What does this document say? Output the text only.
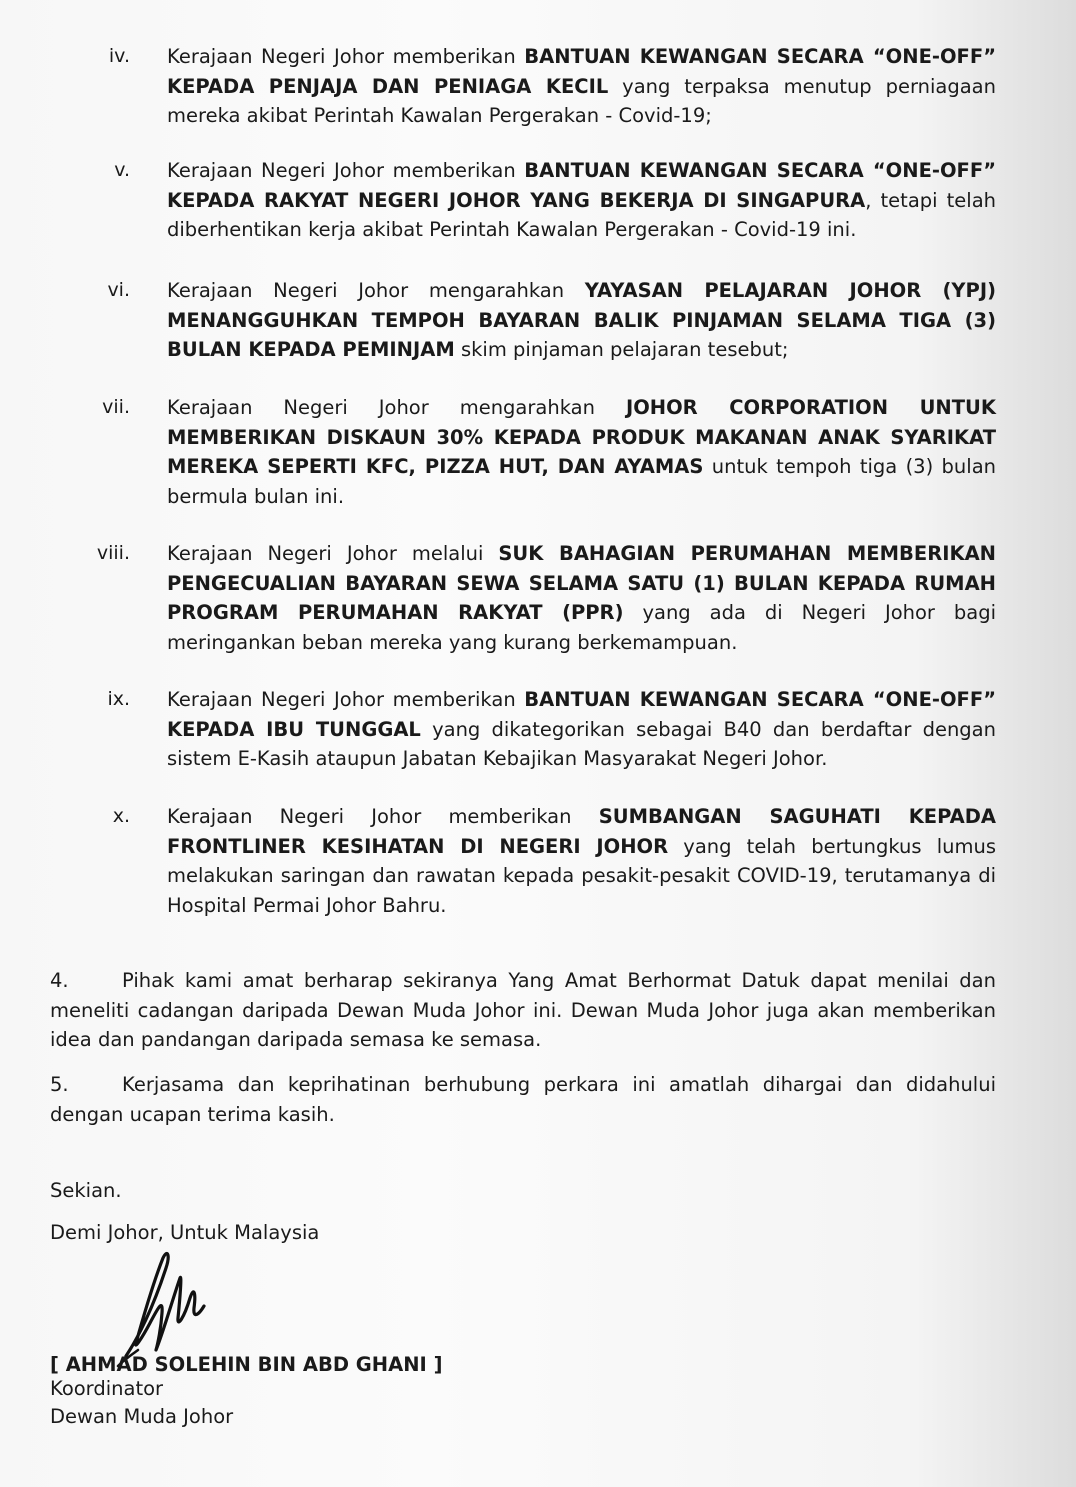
iv. Kerajaan Negeri Johor memberikan BANTUAN KEWANGAN SECARA “ONE-OFF” KEPADA PENJAJA DAN PENIAGA KECIL yang terpaksa menutup perniagaan mereka akibat Perintah Kawalan Pergerakan - Covid-19;
v. Kerajaan Negeri Johor memberikan BANTUAN KEWANGAN SECARA “ONE-OFF” KEPADA RAKYAT NEGERI JOHOR YANG BEKERJA DI SINGAPURA, tetapi telah diberhentikan kerja akibat Perintah Kawalan Pergerakan - Covid-19 ini.
vi. Kerajaan Negeri Johor mengarahkan YAYASAN PELAJARAN JOHOR (YPJ) MENANGGUHKAN TEMPOH BAYARAN BALIK PINJAMAN SELAMA TIGA (3) BULAN KEPADA PEMINJAM skim pinjaman pelajaran tesebut;
vii. Kerajaan Negeri Johor mengarahkan JOHOR CORPORATION UNTUK MEMBERIKAN DISKAUN 30% KEPADA PRODUK MAKANAN ANAK SYARIKAT MEREKA SEPERTI KFC, PIZZA HUT, DAN AYAMAS untuk tempoh tiga (3) bulan bermula bulan ini.
viii. Kerajaan Negeri Johor melalui SUK BAHAGIAN PERUMAHAN MEMBERIKAN PENGECUALIAN BAYARAN SEWA SELAMA SATU (1) BULAN KEPADA RUMAH PROGRAM PERUMAHAN RAKYAT (PPR) yang ada di Negeri Johor bagi meringankan beban mereka yang kurang berkemampuan.
ix. Kerajaan Negeri Johor memberikan BANTUAN KEWANGAN SECARA “ONE-OFF” KEPADA IBU TUNGGAL yang dikategorikan sebagai B40 dan berdaftar dengan sistem E-Kasih ataupun Jabatan Kebajikan Masyarakat Negeri Johor.
x. Kerajaan Negeri Johor memberikan SUMBANGAN SAGUHATI KEPADA FRONTLINER KESIHATAN DI NEGERI JOHOR yang telah bertungkus lumus melakukan saringan dan rawatan kepada pesakit-pesakit COVID-19, terutamanya di Hospital Permai Johor Bahru.
4.	Pihak kami amat berharap sekiranya Yang Amat Berhormat Datuk dapat menilai dan meneliti cadangan daripada Dewan Muda Johor ini. Dewan Muda Johor juga akan memberikan idea dan pandangan daripada semasa ke semasa.
5.	Kerjasama dan keprihatinan berhubung perkara ini amatlah dihargai dan didahului dengan ucapan terima kasih.
Sekian.
Demi Johor, Untuk Malaysia
[ AHMAD SOLEHIN BIN ABD GHANI ]
Koordinator
Dewan Muda Johor
